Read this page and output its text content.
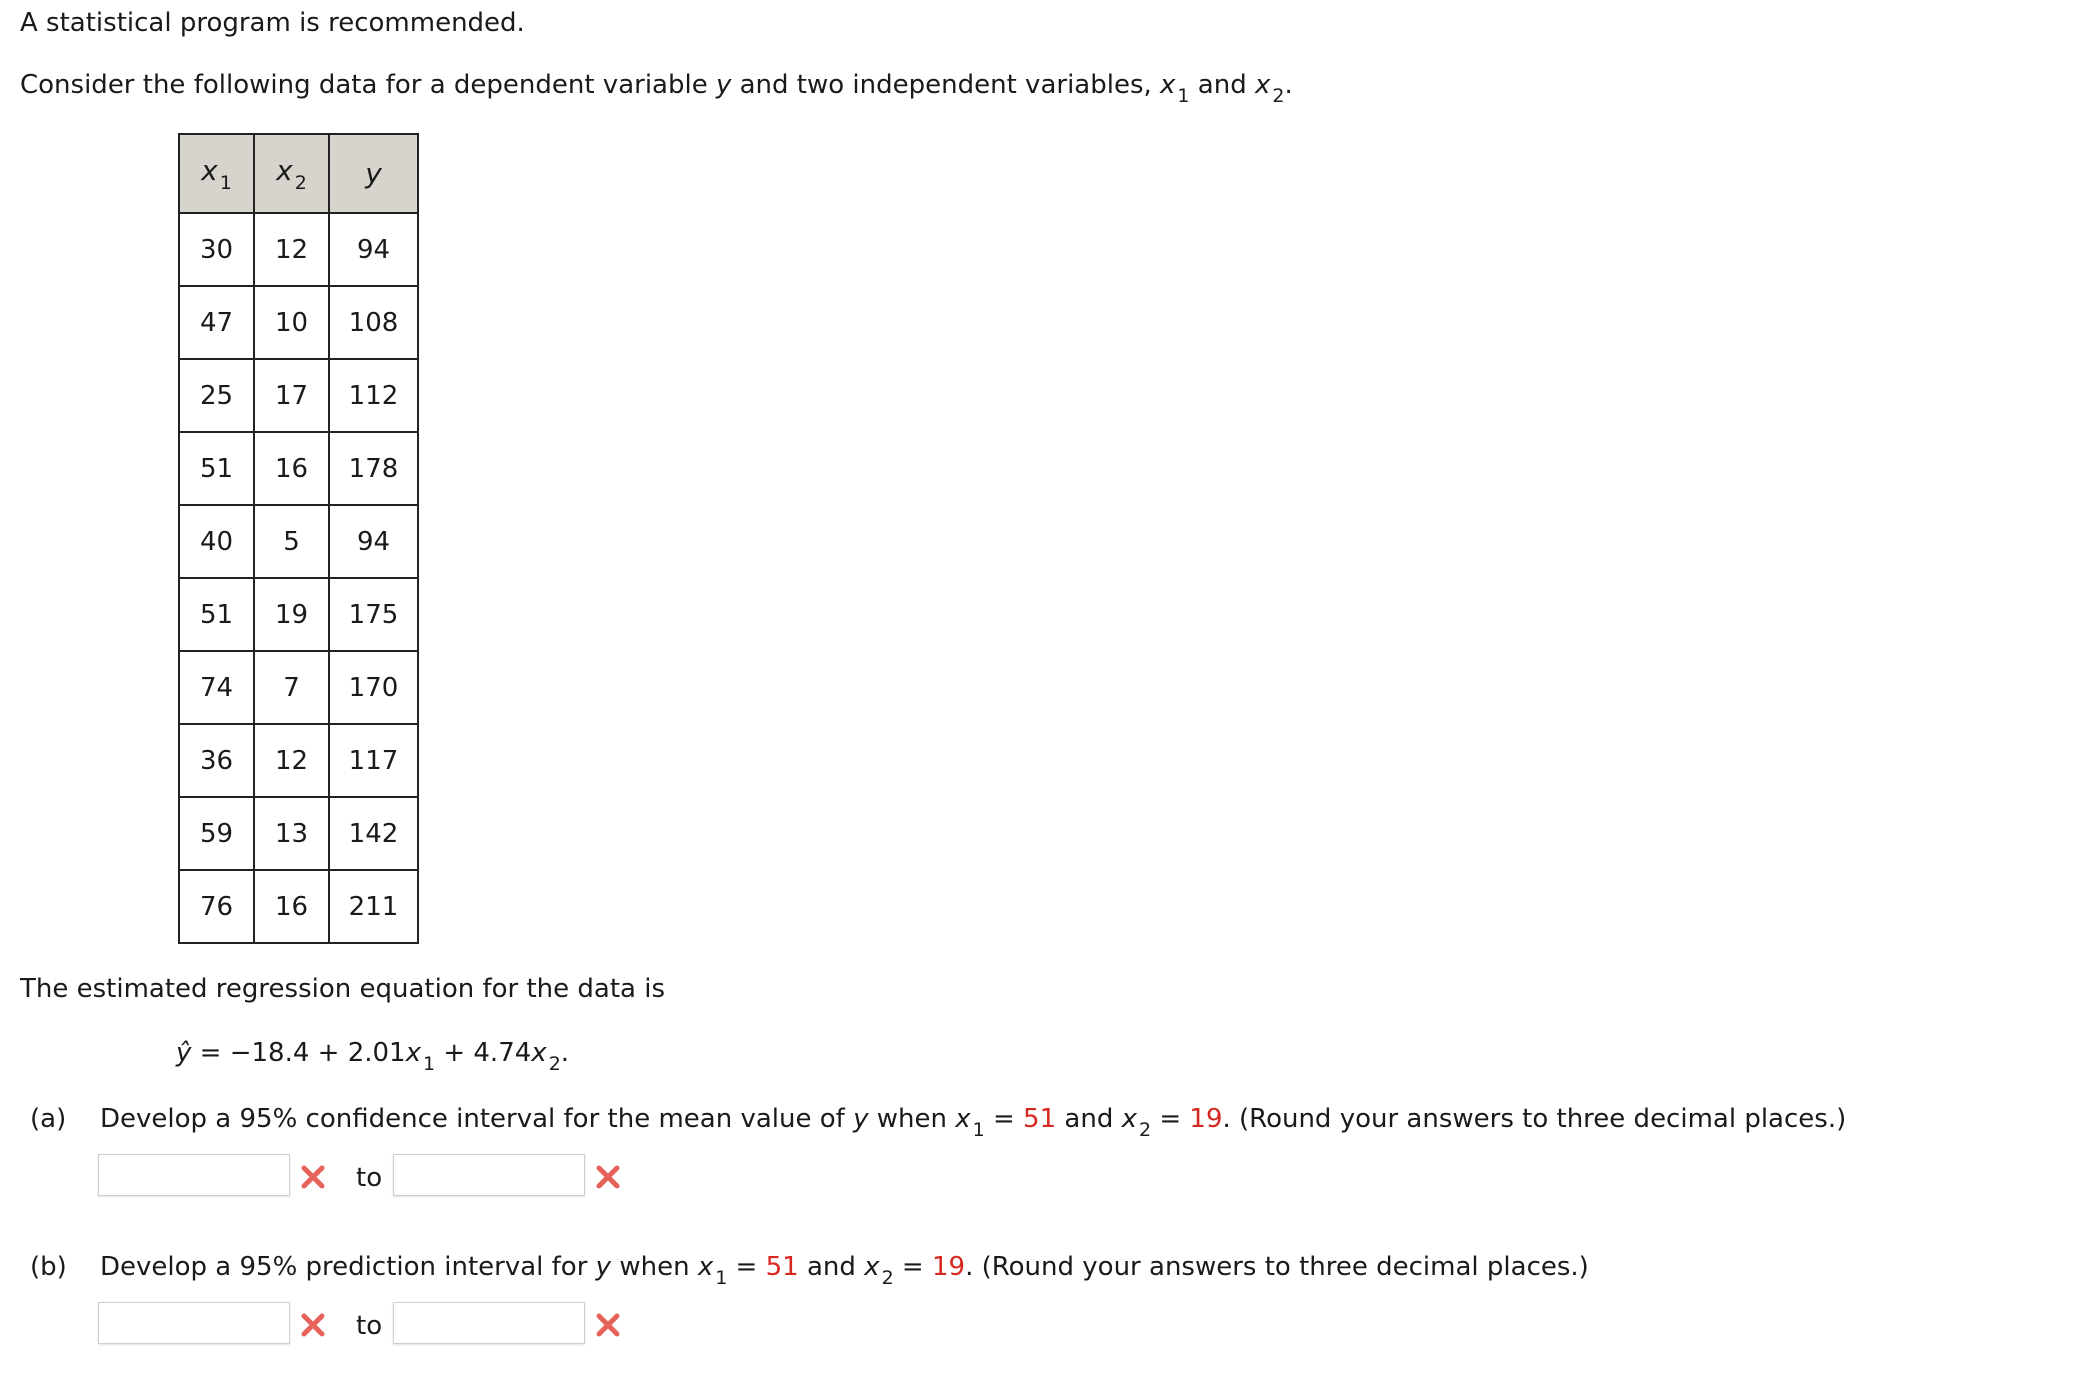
A statistical program is recommended.
Consider the following data for a dependent variable y and two independent variables, x $_1$ and x $_2$.
x $_1$	x $_2$	y
30	12	94
47	10	108
25	17	112
51	16	178
40	5	94
51	19	175
74	7	170
36	12	117
59	13	142
76	16	211
The estimated regression equation for the data is
ŷ = −18.4 + 2.01x $_1$ + 4.74x $_2$.
(a) Develop a 95% confidence interval for the mean value of y when x $_1$ = 51 and x $_2$ = 19. (Round your answers to three decimal places.)
to
(b) Develop a 95% prediction interval for y when x $_1$ = 51 and x $_2$ = 19. (Round your answers to three decimal places.)
to
